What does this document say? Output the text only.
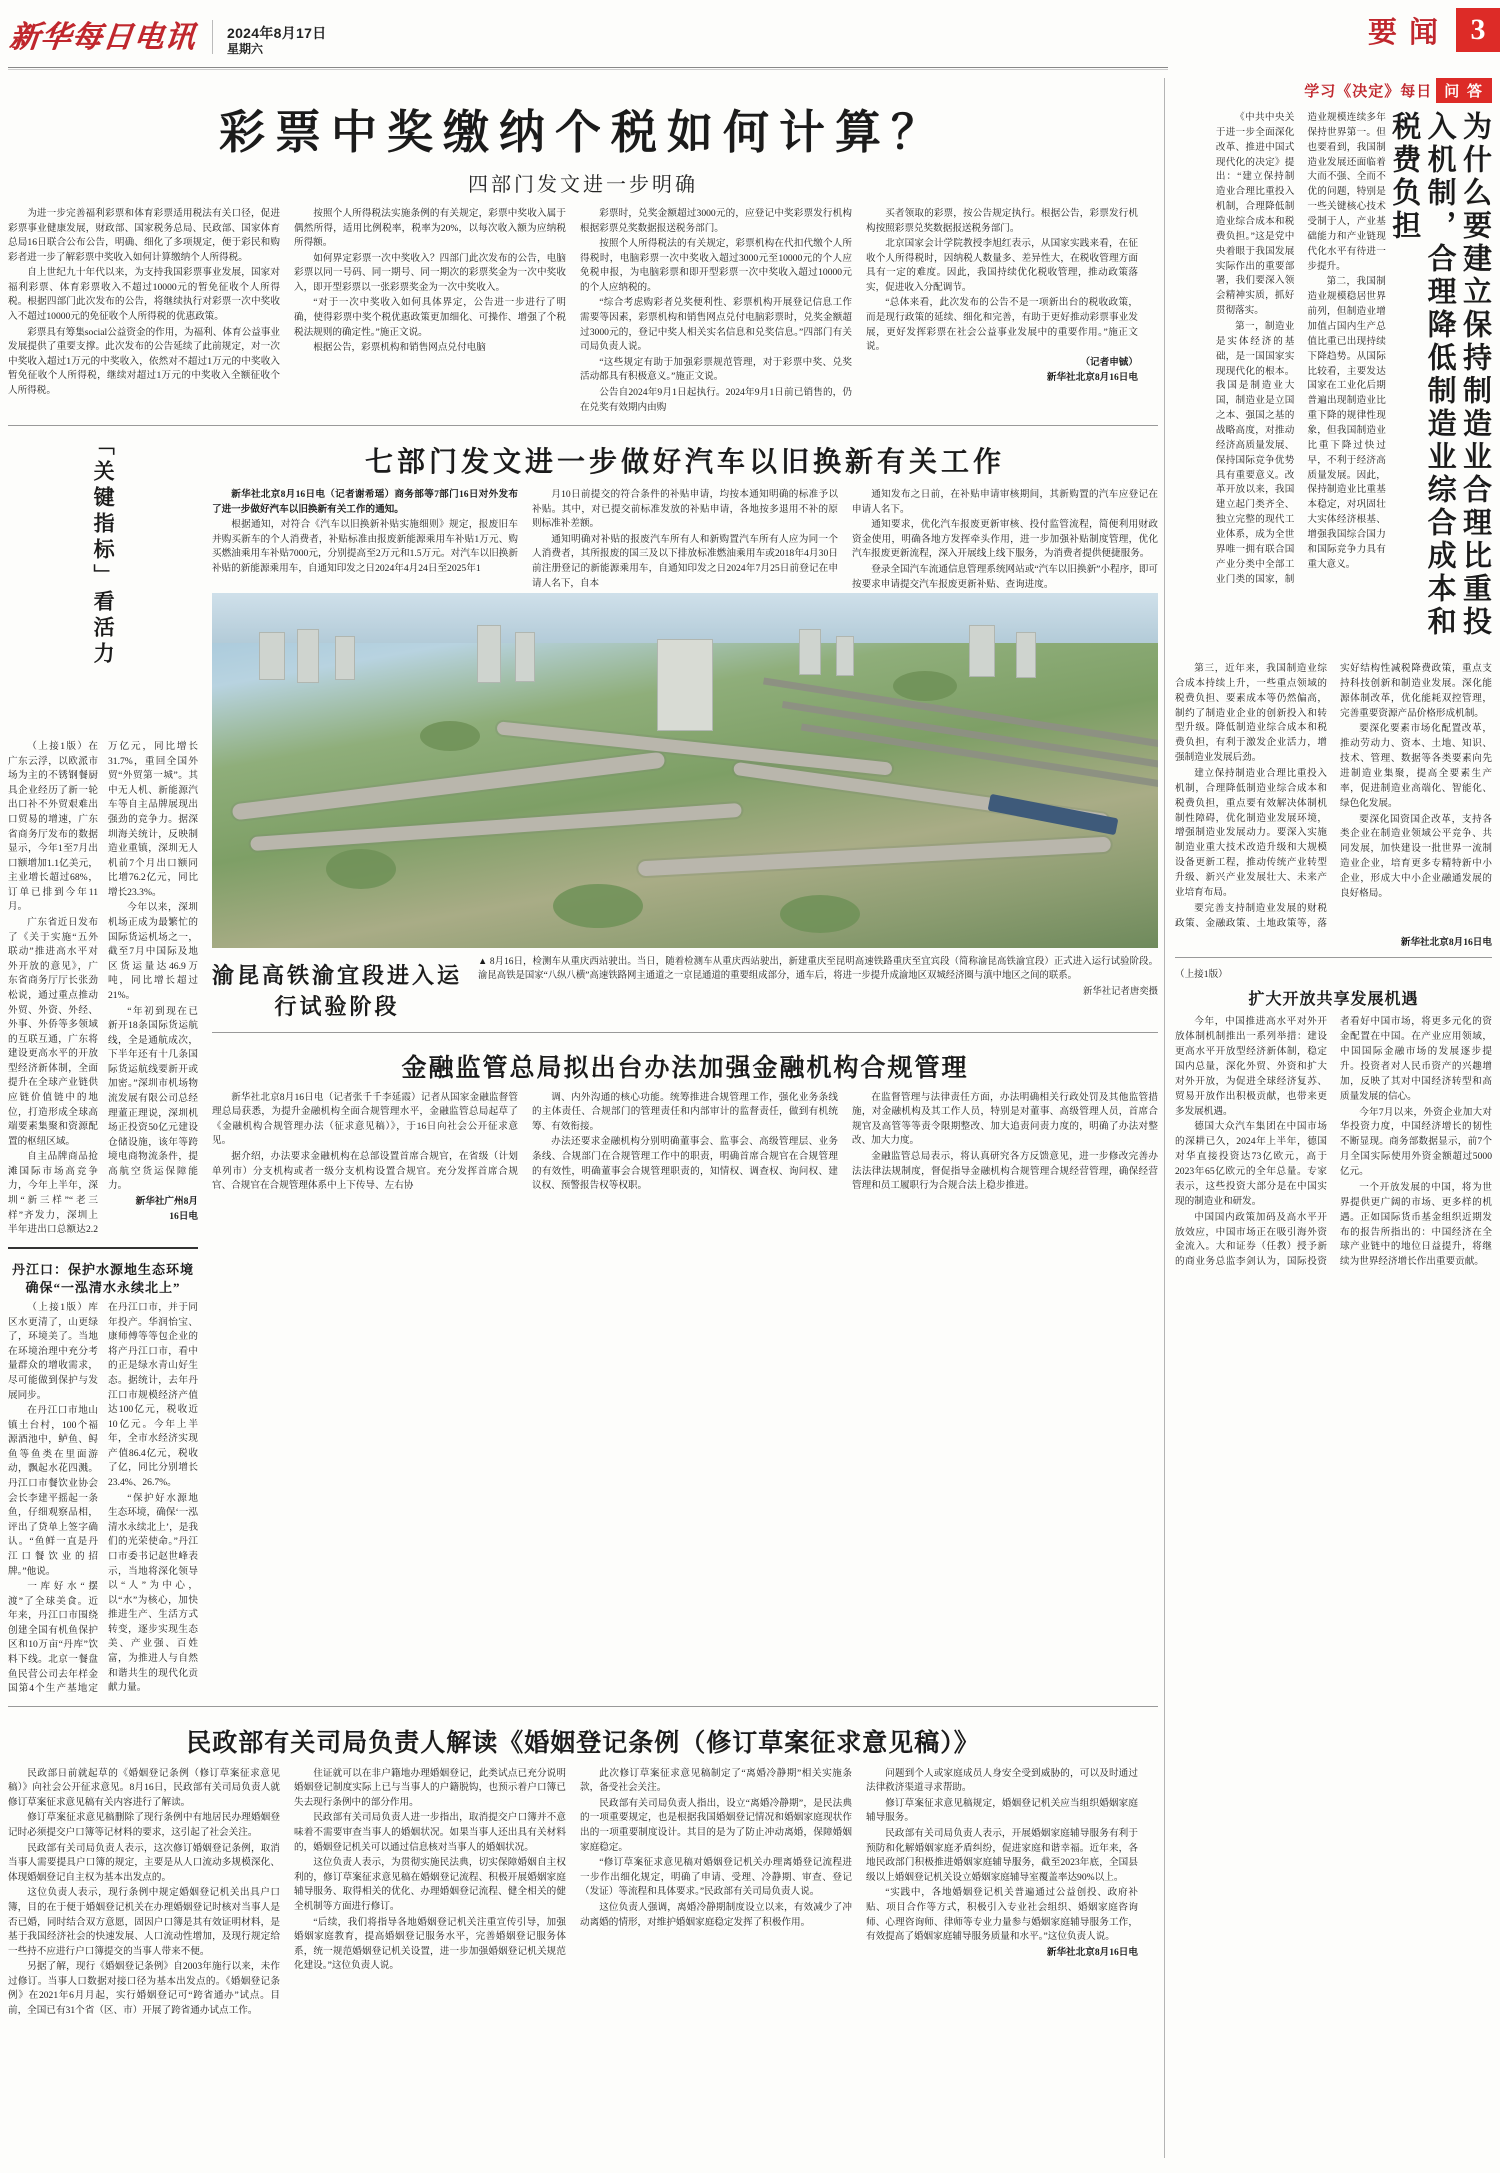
新华每日电讯 2024年8月17日
星期六
要闻 3
彩票中奖缴纳个税如何计算？
四部门发文进一步明确

为进一步完善福利彩票和体育彩票适用税法有关口径，促进彩票事业健康发展，财政部、国家税务总局、民政部、国家体育总局16日联合公布公告，明确、细化了多项规定，便于彩民和购彩者进一步了解彩票中奖收入如何计算缴纳个人所得税。

自上世纪九十年代以来，为支持我国彩票事业发展，国家对福利彩票、体育彩票收入不超过10000元的暂免征收个人所得税。根据四部门此次发布的公告，将继续执行对彩票一次中奖收入不超过10000元的免征收个人所得税的优惠政策。

彩票具有筹集social公益资金的作用，为福利、体育公益事业发展提供了重要支撑。此次发布的公告延续了此前规定，对一次中奖收入超过1万元的中奖收入，依然对不超过1万元的中奖收入暂免征收个人所得税，继续对超过1万元的中奖收入全额征收个人所得税。

按照个人所得税法实施条例的有关规定，彩票中奖收入属于偶然所得，适用比例税率，税率为20%，以每次收入额为应纳税所得额。

如何界定彩票一次中奖收入？四部门此次发布的公告，电脑彩票以同一号码、同一期号、同一期次的彩票奖金为一次中奖收入，即开型彩票以一张彩票奖金为一次中奖收入。

“对于一次中奖收入如何具体界定，公告进一步进行了明确，使得彩票中奖个税优惠政策更加细化、可操作、增强了个税税法规则的确定性。”施正文说。

根据公告，彩票机构和销售网点兑付电脑

彩票时，兑奖金额超过3000元的，应登记中奖彩票发行机构根据彩票兑奖数据报送税务部门。

按照个人所得税法的有关规定，彩票机构在代扣代缴个人所得税时，电脑彩票一次中奖收入超过3000元至10000元的个人应免税申报，为电脑彩票和即开型彩票一次中奖收入超过10000元的个人应纳税的。

“综合考虑购彩者兑奖便利性、彩票机构开展登记信息工作需要等因素，彩票机构和销售网点兑付电脑彩票时，兑奖金额超过3000元的，登记中奖人相关实名信息和兑奖信息。”四部门有关司局负责人说。

“这些规定有助于加强彩票规范管理，对于彩票中奖、兑奖活动都具有积极意义。”施正文说。

公告自2024年9月1日起执行。2024年9月1日前已销售的，仍在兑奖有效期内由购

买者领取的彩票，按公告规定执行。根据公告，彩票发行机构按照彩票兑奖数据报送税务部门。

北京国家会计学院教授李旭红表示，从国家实践来看，在征收个人所得税时，因纳税人数量多、差异性大，在税收管理方面具有一定的难度。因此，我国持续优化税收管理，推动政策落实，促进收入分配调节。

“总体来看，此次发布的公告不是一项新出台的税收政策，而是现行政策的延续、细化和完善，有助于更好推动彩票事业发展，更好发挥彩票在社会公益事业发展中的重要作用。”施正文说。

（记者申铖）

新华社北京8月16日电

「关键指标」看活力

（上接1版）在广东云浮，以欧派市场为主的不锈钢餐厨具企业经历了新一轮出口补不外贸艰难出口贸易的增速，广东省商务厅发布的数据显示，今年1至7月出口额增加1.1亿美元，主业增长超过68%，订单已排到今年11月。

广东省近日发布了《关于实施“五外联动”推进高水平对外开放的意见》，广东省商务厅厅长张劲松说，通过重点推动外贸、外资、外经、外事、外侨等多领域的互联互通，广东将建设更高水平的开放型经济新体制，全面提升在全球产业链供应链价值链中的地位，打造形成全球高端要素集聚和资源配置的枢纽区域。

自主品牌商品抢滩国际市场高竞争力，今年上半年，深圳“新三样”“老三样”齐发力，深圳上半年进出口总额达2.2万亿元，同比增长31.7%，重回全国外贸“外贸第一城”。其中无人机、新能源汽车等自主品牌展现出强劲的竞争力。据深圳海关统计，反映制造业重镇，深圳无人机前7个月出口额同比增76.2亿元，同比增长23.3%。

今年以来，深圳机场正成为最繁忙的国际货运机场之一，截至7月中国际及地区货运量达46.9万吨，同比增长超过21%。

“年初到现在已新开18条国际货运航线，全是通航成次，下半年还有十几条国际货运航线要新开或加密。”深圳市机场物流发展有限公司总经理董正理说，深圳机场正投资50亿元建设仓储设施，该年等跨境电商物流条件，提高航空货运保障能力。

新华社广州8月16日电

丹江口：保护水源地生态环境确保“一泓清水永续北上”

（上接1版）库区水更清了，山更绿了，环境美了。当地在环境治理中充分考量群众的增收需求，尽可能做到保护与发展同步。

在丹江口市地山镇土台村，100个福源酒池中，鲈鱼、鲟鱼等鱼类在里面游动，飘起水花四溅。丹江口市餐饮业协会会长李建平摇起一条鱼，仔细观察品相，评出了贷单上签字确认。“鱼鲜一直是丹江口餐饮业的招牌。”他说。

一库好水“摆渡”了全球美食。近年来，丹江口市围绕创建全国有机鱼保护区和10万亩“丹库”饮料下线。北京一餐盘鱼民营公司去年样金国第4个生产基地定在丹江口市，并于同年投产。华润怡宝、康师傅等等包企业的将产丹江口市，看中的正是绿水青山好生态。据统计，去年丹江口市规模经济产值达100亿元，税收近10亿元。今年上半年，全市水经济实现产值86.4亿元，税收了亿，同比分别增长23.4%、26.7%。

“保护好水源地生态环境，确保‘一泓清水永续北上’，是我们的光荣使命。”丹江口市委书记赵世峰表示，当地将深化领导以“人”为中心，以“水”为核心，加快推进生产、生活方式转变，逐步实现生态美、产业强、百姓富，为推进人与自然和谐共生的现代化贡献力量。

七部门发文进一步做好汽车以旧换新有关工作

新华社北京8月16日电（记者谢希瑶）商务部等7部门16日对外发布了进一步做好汽车以旧换新有关工作的通知。

根据通知，对符合《汽车以旧换新补贴实施细则》规定，报废旧车并购买新车的个人消费者，补贴标准由报废新能源乘用车补贴1万元、购买燃油乘用车补贴7000元，分别提高至2万元和1.5万元。对汽车以旧换新补贴的新能源乘用车，自通知印发之日2024年4月24日至2025年1

月10日前提交的符合条件的补贴申请，均按本通知明确的标准予以补贴。其中，对已提交前标准发放的补贴申请，各地按多退用不补的原则标准补差额。

通知明确对补贴的报废汽车所有人和新购置汽车所有人应为同一个人消费者，其所报废的国三及以下排放标准燃油乘用车或2018年4月30日前注册登记的新能源乘用车，自通知印发之日2024年7月25日前登记在申请人名下，自本

通知发布之日前，在补贴申请审核期间，其新购置的汽车应登记在申请人名下。

通知要求，优化汽车报废更新审核、投付监管流程，简便利用财政资金使用，明确各地方发挥牵头作用，进一步加强补贴制度管理，优化汽车报废更新流程，深入开展线上线下服务，为消费者提供便捷服务。

登录全国汽车流通信息管理系统网站或“汽车以旧换新”小程序，即可按要求申请提交汽车报废更新补贴、查询进度。

渝昆高铁渝宜段进入运行试验阶段
▲ 8月16日，检测车从重庆西站驶出。当日，随着检测车从重庆西站驶出，新建重庆至昆明高速铁路重庆至宜宾段（简称渝昆高铁渝宜段）正式进入运行试验阶段。渝昆高铁是国家“八纵八横”高速铁路网主通道之一京昆通道的重要组成部分，通车后，将进一步提升成渝地区双城经济圈与滇中地区之间的联系。
新华社记者唐奕摄
金融监管总局拟出台办法加强金融机构合规管理

新华社北京8月16日电（记者张千千李延霞）记者从国家金融监督管理总局获悉，为提升金融机构全面合规管理水平，金融监管总局起草了《金融机构合规管理办法（征求意见稿）》，于16日向社会公开征求意见。

据介绍，办法要求金融机构在总部设置首席合规官，在省级（计划单列市）分支机构或者一级分支机构设置合规官。充分发挥首席合规官、合规官在合规管理体系中上下传导、左右协

调、内外沟通的核心功能。统筹推进合规管理工作，强化业务条线的主体责任、合规部门的管理责任和内部审计的监督责任，做到有机统筹、有效衔接。

办法还要求金融机构分别明确董事会、监事会、高级管理层、业务条线、合规部门在合规管理工作中的职责，明确首席合规官在合规管理的有效性，明确董事会合规管理职责的，知情权、调查权、询问权、建议权、预警报告权等权职。

在监督管理与法律责任方面，办法明确相关行政处罚及其他监管措施，对金融机构及其工作人员，特别是对董事、高级管理人员，首席合规官及高管等等责令限期整改、加大追责问责力度的，明确了办法对整改、加大力度。

金融监管总局表示，将认真研究各方反馈意见，进一步修改完善办法法律法规制度，督促指导金融机构合规管理合规经营管理，确保经营管理和员工履职行为合规合法上稳步推进。

民政部有关司局负责人解读《婚姻登记条例（修订草案征求意见稿）》

民政部日前就起草的《婚姻登记条例（修订草案征求意见稿）》向社会公开征求意见。8月16日，民政部有关司局负责人就修订草案征求意见稿有关内容进行了解读。

修订草案征求意见稿删除了现行条例中有地居民办理婚姻登记时必须提交户口簿等记材料的要求，这引起了社会关注。

民政部有关司局负责人表示，这次修订婚姻登记条例，取消当事人需要提具户口簿的规定，主要是从人口流动多规模深化、体现婚姻登记自主权为基本出发点的。

这位负责人表示，现行条例中规定婚姻登记机关出具户口簿，目的在于便于婚姻登记机关在办理婚姻登记时核对当事人是否已婚，同时结合双方意愿，固因户口簿是其有效证明材料，是基于我国经济社会的快速发展、人口流动性增加，及现行规定给一些持不应进行户口簿提交的当事人带来不便。

另据了解，现行《婚姻登记条例》自2003年施行以来，未作过修订。当事人口数据对接口径为基本出发点的。《婚姻登记条例》在2021年6月月起，实行婚姻登记可“跨省通办”试点。目前，全国已有31个省（区、市）开展了跨省通办试点工作。

住证就可以在非户籍地办理婚姻登记，此类试点已充分说明婚姻登记制度实际上已与当事人的户籍脱钩，也预示着户口簿已失去现行条例中的部分作用。

民政部有关司局负责人进一步指出，取消提交户口簿并不意味着不需要审查当事人的婚姻状况。如果当事人还出具有关材料的，婚姻登记机关可以通过信息核对当事人的婚姻状况。

这位负责人表示，为贯彻实施民法典，切实保障婚姻自主权利的，修订草案征求意见稿在婚姻登记流程、积极开展婚姻家庭辅导服务、取得相关的优化、办理婚姻登记流程、健全相关的健全机制等方面进行修订。

“后续，我们将指导各地婚姻登记机关注重宣传引导，加强婚姻家庭教育，提高婚姻登记服务水平，完善婚姻登记服务体系，统一规范婚姻登记机关设置，进一步加强婚姻登记机关规范化建设。”这位负责人说。

此次修订草案征求意见稿制定了“离婚冷静期”相关实施条款，备受社会关注。

民政部有关司局负责人指出，设立“离婚冷静期”，是民法典的一项重要规定，也是根据我国婚姻登记情况和婚姻家庭现状作出的一项重要制度设计。其目的是为了防止冲动离婚，保障婚姻家庭稳定。

“修订草案征求意见稿对婚姻登记机关办理离婚登记流程进一步作出细化规定，明确了申请、受理、冷静期、审查、登记（发证）等流程和具体要求。”民政部有关司局负责人说。

这位负责人强调，离婚冷静期制度设立以来，有效减少了冲动离婚的情形，对维护婚姻家庭稳定发挥了积极作用。

问题到个人或家庭成员人身安全受到威胁的，可以及时通过法律救济渠道寻求帮助。

修订草案征求意见稿规定，婚姻登记机关应当组织婚姻家庭辅导服务。

民政部有关司局负责人表示，开展婚姻家庭辅导服务有利于预防和化解婚姻家庭矛盾纠纷，促进家庭和谐幸福。近年来，各地民政部门积极推进婚姻家庭辅导服务，截至2023年底，全国县级以上婚姻登记机关设立婚姻家庭辅导室覆盖率达90%以上。

“实践中，各地婚姻登记机关普遍通过公益创投、政府补贴、项目合作等方式，积极引入专业社会组织、婚姻家庭咨询师、心理咨询师、律师等专业力量参与婚姻家庭辅导服务工作，有效提高了婚姻家庭辅导服务质量和水平。”这位负责人说。

新华社北京8月16日电

学习《决定》每日 问 答
为什么要建立保持制造业合理比重投入机制，合理降低制造业综合成本和税费负担

《中共中央关于进一步全面深化改革、推进中国式现代化的决定》提出：“建立保持制造业合理比重投入机制，合理降低制造业综合成本和税费负担。”这是党中央着眼于我国发展实际作出的重要部署，我们要深入领会精神实质，抓好贯彻落实。

第一，制造业是实体经济的基础，是一国国家实现现代化的根本。我国是制造业大国，制造业是立国之本、强国之基的战略高度，对推动经济高质量发展、保持国际竞争优势具有重要意义。改革开放以来，我国建立起门类齐全、独立完整的现代工业体系，成为全世界唯一拥有联合国产业分类中全部工业门类的国家，制造业规模连续多年保持世界第一。但也要看到，我国制造业发展还面临着大而不强、全而不优的问题，特别是一些关键核心技术受制于人，产业基础能力和产业链现代化水平有待进一步提升。

第二，我国制造业规模稳居世界前列，但制造业增加值占国内生产总值比重已出现持续下降趋势。从国际比较看，主要发达国家在工业化后期普遍出现制造业比重下降的规律性现象，但我国制造业比重下降过快过早，不利于经济高质量发展。因此，保持制造业比重基本稳定，对巩固壮大实体经济根基、增强我国综合国力和国际竞争力具有重大意义。

第三，近年来，我国制造业综合成本持续上升，一些重点领域的税费负担、要素成本等仍然偏高，制约了制造业企业的创新投入和转型升级。降低制造业综合成本和税费负担，有利于激发企业活力，增强制造业发展后劲。

建立保持制造业合理比重投入机制，合理降低制造业综合成本和税费负担，重点要有效解决体制机制性障碍，优化制造业发展环境，增强制造业发展动力。要深入实施制造业重大技术改造升级和大规模设备更新工程，推动传统产业转型升级、新兴产业发展壮大、未来产业培育布局。

要完善支持制造业发展的财税政策、金融政策、土地政策等，落实好结构性减税降费政策，重点支持科技创新和制造业发展。深化能源体制改革，优化能耗双控管理，完善重要资源产品价格形成机制。

要深化要素市场化配置改革，推动劳动力、资本、土地、知识、技术、管理、数据等各类要素向先进制造业集聚，提高全要素生产率，促进制造业高端化、智能化、绿色化发展。

要深化国资国企改革，支持各类企业在制造业领域公平竞争、共同发展，加快建设一批世界一流制造业企业，培育更多专精特新中小企业，形成大中小企业融通发展的良好格局。

新华社北京8月16日电
（上接1版）
扩大开放共享发展机遇

今年，中国推进高水平对外开放体制机制推出一系列举措：建设更高水平开放型经济新体制，稳定国内总量，深化外贸、外资和扩大对外开放，为促进全球经济复苏、贸易开放作出积极贡献，也带来更多发展机遇。

德国大众汽车集团在中国市场的深耕已久，2024年上半年，德国对华直接投资达73亿欧元，高于2023年65亿欧元的全年总量。专家表示，这些投资大部分是在中国实现的制造业和研发。

中国国内政策加码及高水平开放效应，中国市场正在吸引海外资金流入。大和证券（任教）授予新的商业务总监李剑认为，国际投资者看好中国市场，将更多元化的资金配置在中国。在产业应用领域，中国国际金融市场的发展逐步提升。投资者对人民币资产的兴趣增加，反映了其对中国经济转型和高质量发展的信心。

今年7月以来，外资企业加大对华投资力度，中国经济增长的韧性不断显现。商务部数据显示，前7个月全国实际使用外资金额超过5000亿元。

一个开放发展的中国，将为世界提供更广阔的市场、更多样的机遇。正如国际货币基金组织近期发布的报告所指出的：中国经济在全球产业链中的地位日益提升，将继续为世界经济增长作出重要贡献。
